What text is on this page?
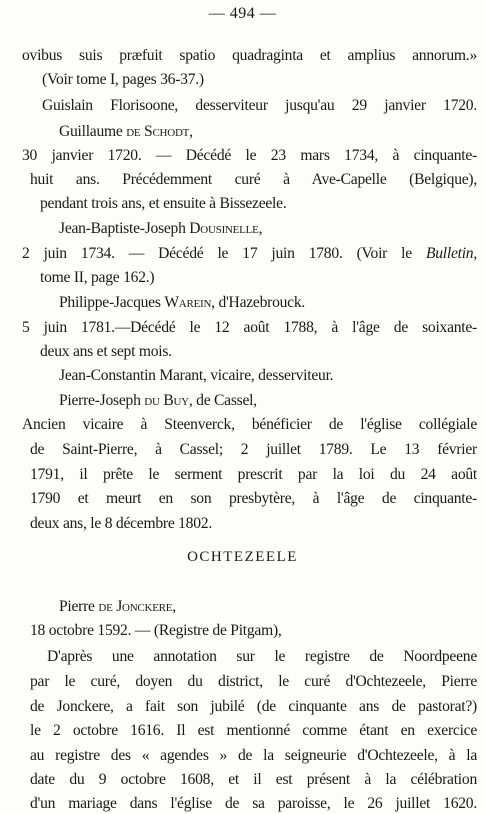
— 494 —
ovibus suis præfuit spatio quadraginta et amplius annorum.»
(Voir tome I, pages 36-37.)
Guislain Florisoone, desserviteur jusqu'au 29 janvier 1720.
Guillaume de Schodt,
30 janvier 1720. — Décédé le 23 mars 1734, à cinquante-
huit ans. Précédemment curé à Ave-Capelle (Belgique),
pendant trois ans, et ensuite à Bissezeele.
Jean-Baptiste-Joseph Dousinelle,
2 juin 1734. — Décédé le 17 juin 1780. (Voir le Bulletin,
tome II, page 162.)
Philippe-Jacques Warein, d'Hazebrouck.
5 juin 1781.—Décédé le 12 août 1788, à l'âge de soixante-
deux ans et sept mois.
Jean-Constantin Marant, vicaire, desserviteur.
Pierre-Joseph du Buy, de Cassel,
Ancien vicaire à Steenverck, bénéficier de l'église collégiale
de Saint-Pierre, à Cassel; 2 juillet 1789. Le 13 février
1791, il prête le serment prescrit par la loi du 24 août
1790 et meurt en son presbytère, à l'âge de cinquante-
deux ans, le 8 décembre 1802.
OCHTEZEELE
Pierre de Jonckere,
18 octobre 1592. — (Registre de Pitgam),
D'après une annotation sur le registre de Noordpeene
par le curé, doyen du district, le curé d'Ochtezeele, Pierre
de Jonckere, a fait son jubilé (de cinquante ans de pastorat?)
le 2 octobre 1616. Il est mentionné comme étant en exercice
au registre des « agendes » de la seigneurie d'Ochtezeele, à la
date du 9 octobre 1608, et il est présent à la célébration
d'un mariage dans l'église de sa paroisse, le 26 juillet 1620.
